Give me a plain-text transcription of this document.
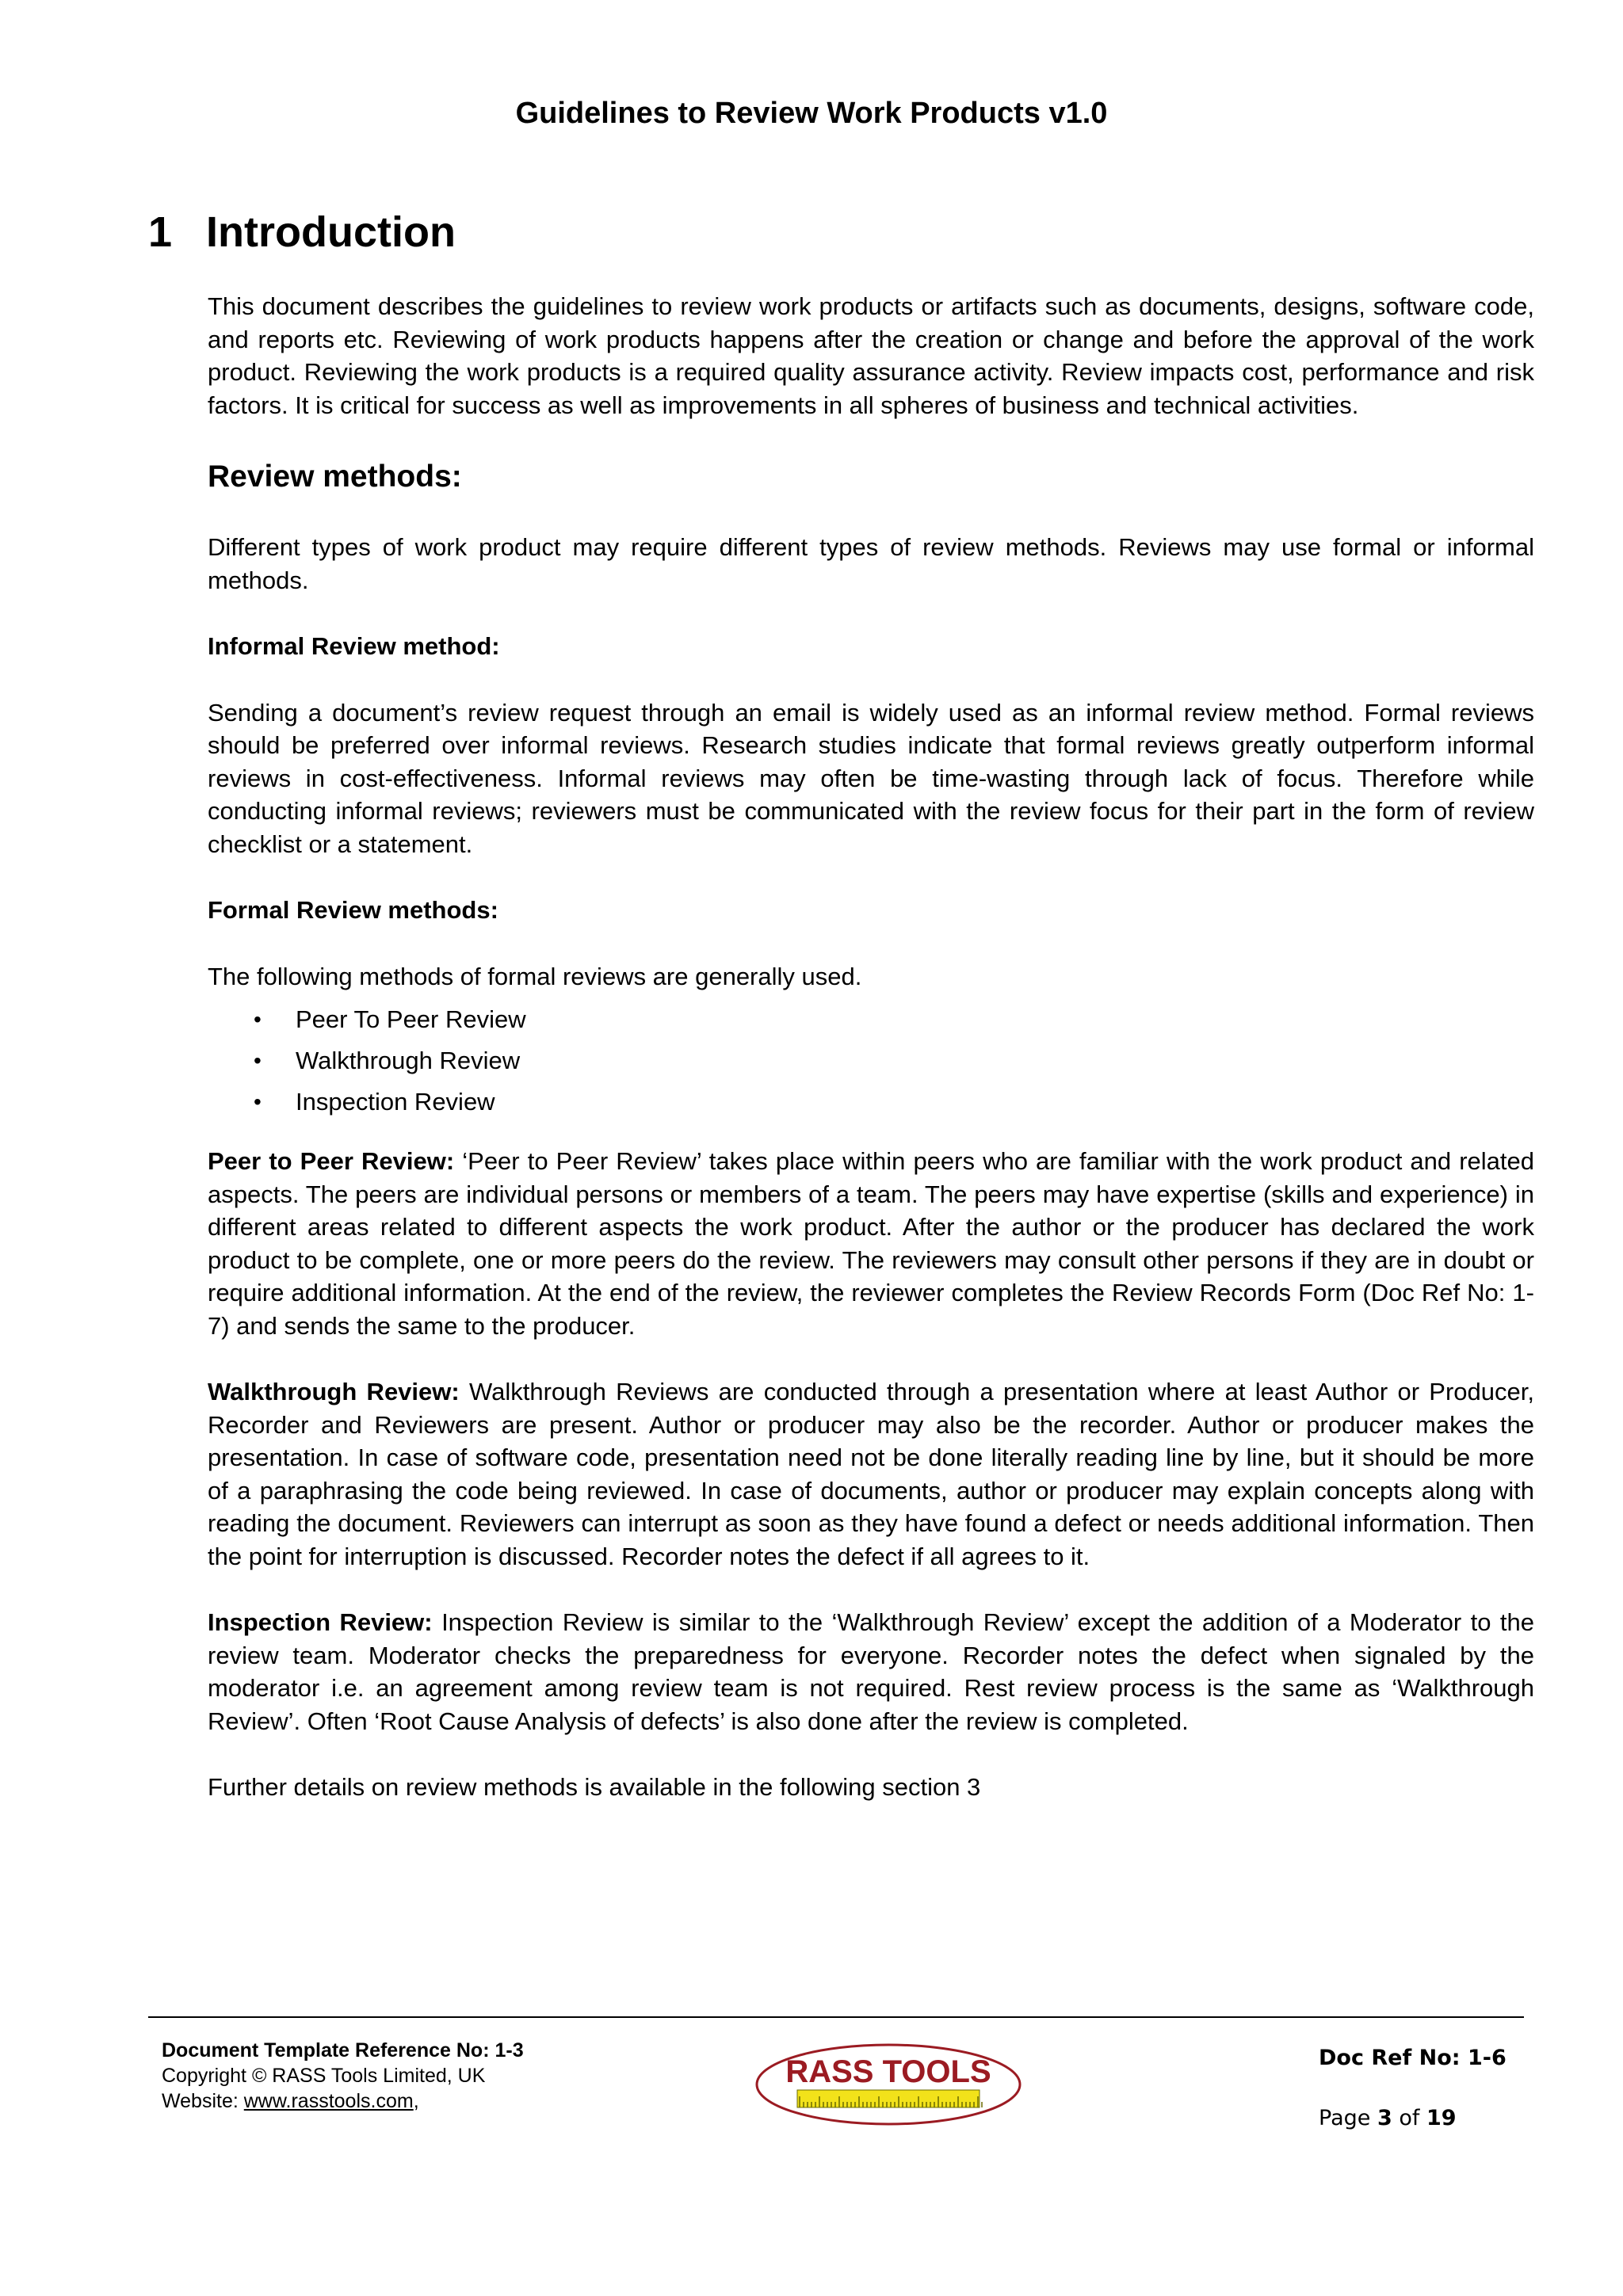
Guidelines to Review Work Products v1.0
1 Introduction

This document describes the guidelines to review work products or artifacts such as documents, designs, software code, and reports etc. Reviewing of work products happens after the creation or change and before the approval of the work product. Reviewing the work products is a required quality assurance activity. Review impacts cost, performance and risk factors. It is critical for success as well as improvements in all spheres of business and technical activities.

Review methods:

Different types of work product may require different types of review methods. Reviews may use formal or informal methods.

Informal Review method:

Sending a document’s review request through an email is widely used as an informal review method. Formal reviews should be preferred over informal reviews. Research studies indicate that formal reviews greatly outperform informal reviews in cost-effectiveness. Informal reviews may often be time-wasting through lack of focus. Therefore while conducting informal reviews; reviewers must be communicated with the review focus for their part in the form of review checklist or a statement.

Formal Review methods:

The following methods of formal reviews are generally used.

• Peer To Peer Review
• Walkthrough Review
• Inspection Review

Peer to Peer Review: ‘Peer to Peer Review’ takes place within peers who are familiar with the work product and related aspects. The peers are individual persons or members of a team. The peers may have expertise (skills and experience) in different areas related to different aspects the work product. After the author or the producer has declared the work product to be complete, one or more peers do the review. The reviewers may consult other persons if they are in doubt or require additional information. At the end of the review, the reviewer completes the Review Records Form (Doc Ref No: 1-7) and sends the same to the producer.

Walkthrough Review: Walkthrough Reviews are conducted through a presentation where at least Author or Producer, Recorder and Reviewers are present. Author or producer may also be the recorder. Author or producer makes the presentation. In case of software code, presentation need not be done literally reading line by line, but it should be more of a paraphrasing the code being reviewed. In case of documents, author or producer may explain concepts along with reading the document. Reviewers can interrupt as soon as they have found a defect or needs additional information. Then the point for interruption is discussed. Recorder notes the defect if all agrees to it.

Inspection Review: Inspection Review is similar to the ‘Walkthrough Review’ except the addition of a Moderator to the review team. Moderator checks the preparedness for everyone. Recorder notes the defect when signaled by the moderator i.e. an agreement among review team is not required. Rest review process is the same as ‘Walkthrough Review’. Often ‘Root Cause Analysis of defects’ is also done after the review is completed.

Further details on review methods is available in the following section 3

Document Template Reference No: 1-3
Copyright © RASS Tools Limited, UK
Website: www.rasstools.com,
RASS TOOLS	Doc Ref No: 1-6
Page 3 of 19
